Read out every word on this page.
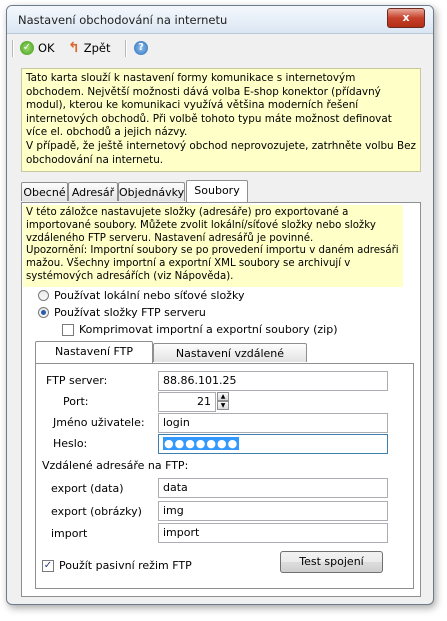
Nastavení obchodování na internetu	x
✓ OK ↰ Zpět	?
Tato karta slouží k nastavení formy komunikace s internetovým obchodem. Největší možnosti dává volba E-shop konektor (přídavný modul), kterou ke komunikaci využívá většina moderních řešení internetových obchodů. Při volbě tohoto typu máte možnost definovat více el. obchodů a jejich názvy.
V případě, že ještě internetový obchod neprovozujete, zatrhněte volbu Bez obchodování na internetu.
Obecné Adresář Objednávky Soubory
V této záložce nastavujete složky (adresáře) pro exportované a importované soubory. Můžete zvolit lokální/síťové složky nebo složky vzdáleného FTP serveru. Nastavení adresářů je povinné.
Upozornění: Importní soubory se po provedení importu v daném adresáři mažou. Všechny importní a exportní XML soubory se archivují v systémových adresářích (viz Nápověda).
Používat lokální nebo síťové složky
Používat složky FTP serveru
Komprimovat importní a exportní soubory (zip)
Nastavení FTP	Nastavení vzdálené
FTP server:	88.86.101.25
Port:	21	▲
▼
Jméno uživatele:	login
Heslo:	●●●●●●●
Vzdálené adresáře na FTP:
export (data)	data
export (obrázky)	img
import	import
✓ Použít pasivní režim FTP	Test spojení
